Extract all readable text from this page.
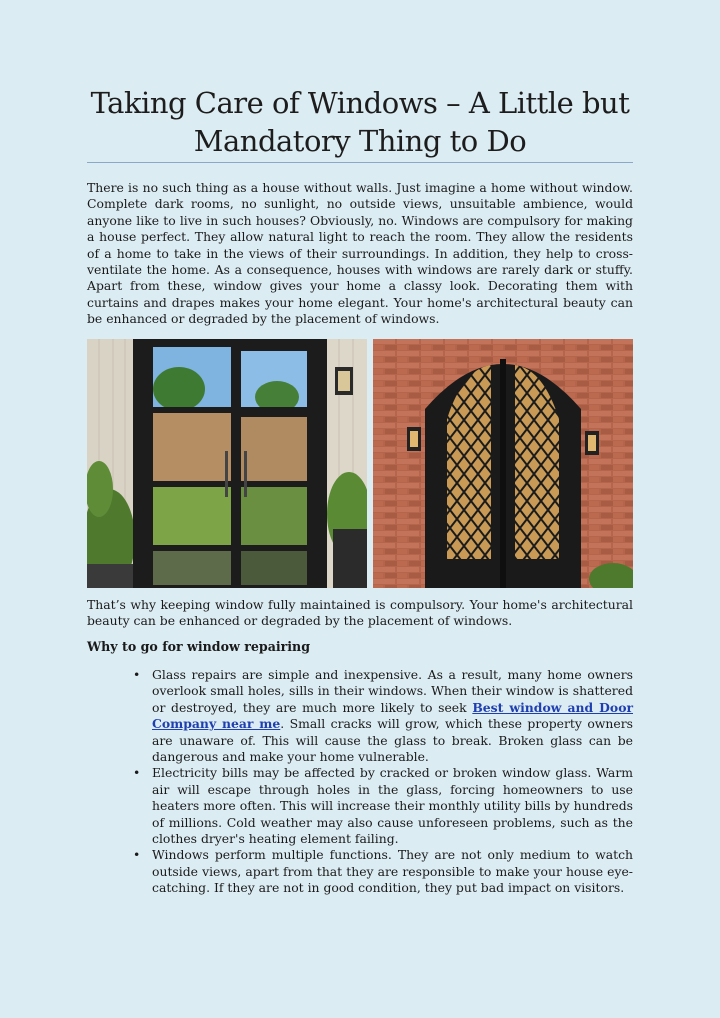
Taking Care of Windows – A Little but Mandatory Thing to Do

There is no such thing as a house without walls. Just imagine a home without window. Complete dark rooms, no sunlight, no outside views, unsuitable ambience, would anyone like to live in such houses? Obviously, no. Windows are compulsory for making a house perfect. They allow natural light to reach the room. They allow the residents of a home to take in the views of their surroundings. In addition, they help to cross-ventilate the home. As a consequence, houses with windows are rarely dark or stuffy. Apart from these, window gives your home a classy look. Decorating them with curtains and drapes makes your home elegant. Your home's architectural beauty can be enhanced or degraded by the placement of windows.

That’s why keeping window fully maintained is compulsory. Your home's architectural beauty can be enhanced or degraded by the placement of windows.

Why to go for window repairing
• Glass repairs are simple and inexpensive. As a result, many home owners overlook small holes, sills in their windows. When their window is shattered or destroyed, they are much more likely to seek Best window and Door Company near me. Small cracks will grow, which these property owners are unaware of. This will cause the glass to break. Broken glass can be dangerous and make your home vulnerable.
• Electricity bills may be affected by cracked or broken window glass. Warm air will escape through holes in the glass, forcing homeowners to use heaters more often. This will increase their monthly utility bills by hundreds of millions. Cold weather may also cause unforeseen problems, such as the clothes dryer's heating element failing.
• Windows perform multiple functions. They are not only medium to watch outside views, apart from that they are responsible to make your house eye-catching. If they are not in good condition, they put bad impact on visitors.
